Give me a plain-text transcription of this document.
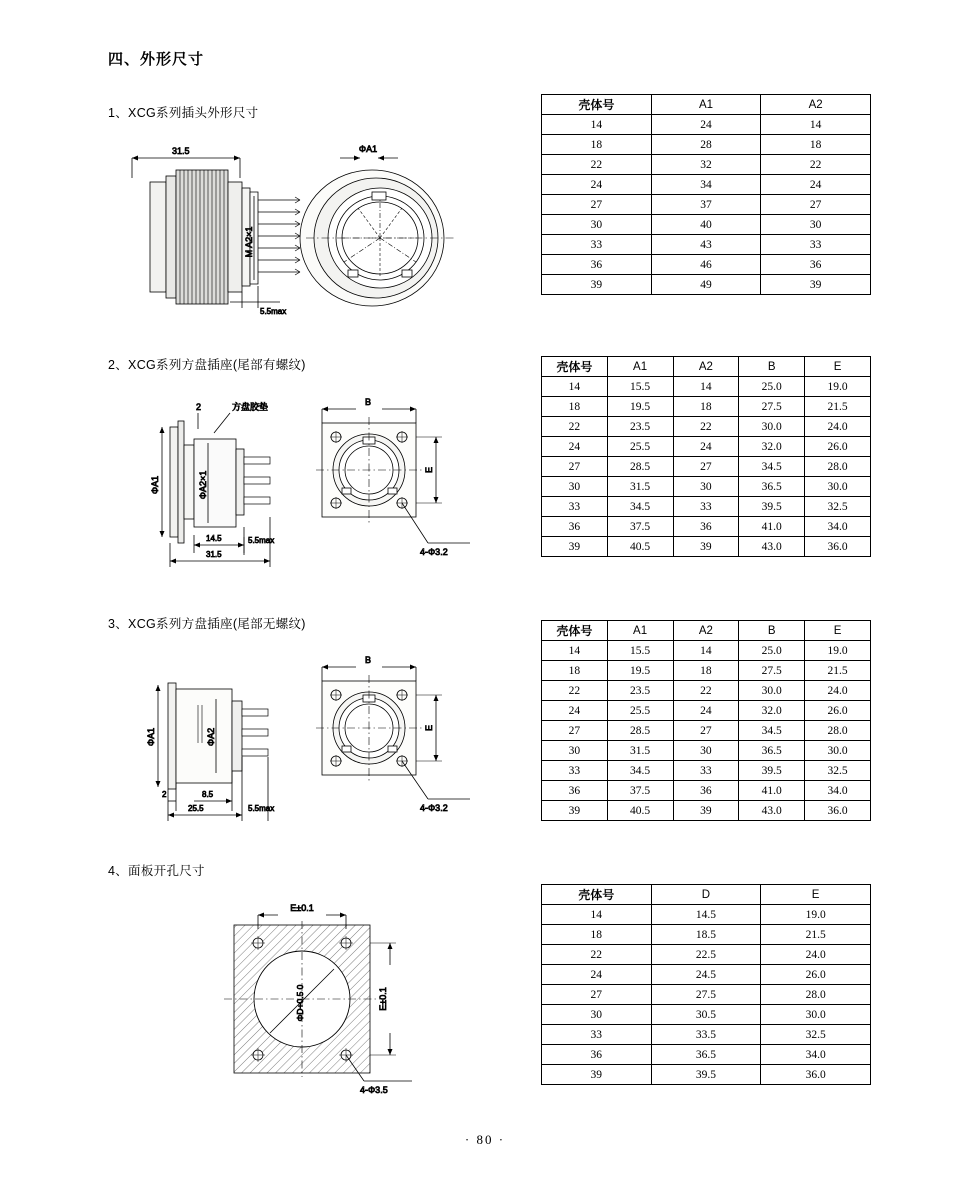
四、外形尺寸
1、XCG系列插头外形尺寸
31.5
M A2×1
5.5max
ΦA1
壳体号	A1	A2
14	24	14
18	28	18
22	32	22
24	34	24
27	37	27
30	40	30
33	43	33
36	46	36
39	49	39
2、XCG系列方盘插座(尾部有螺纹)
2	方盘胶垫
ΦA1	ΦA2×1
14.5	5.5max
31.5
B
E
4-Φ3.2
壳体号	A1	A2	B	E
14	15.5	14	25.0	19.0
18	19.5	18	27.5	21.5
22	23.5	22	30.0	24.0
24	25.5	24	32.0	26.0
27	28.5	27	34.5	28.0
30	31.5	30	36.5	30.0
33	34.5	33	39.5	32.5
36	37.5	36	41.0	34.0
39	40.5	39	43.0	36.0
3、XCG系列方盘插座(尾部无螺纹)
ΦA1	ΦA2
2	8.5
25.5	5.5max
B
E
4-Φ3.2
壳体号	A1	A2	B	E
14	15.5	14	25.0	19.0
18	19.5	18	27.5	21.5
22	23.5	22	30.0	24.0
24	25.5	24	32.0	26.0
27	28.5	27	34.5	28.0
30	31.5	30	36.5	30.0
33	34.5	33	39.5	32.5
36	37.5	36	41.0	34.0
39	40.5	39	43.0	36.0
4、面板开孔尺寸
E±0.1
ΦD+0.5 0	E±0.1
4-Φ3.5
壳体号	D	E
14	14.5	19.0
18	18.5	21.5
22	22.5	24.0
24	24.5	26.0
27	27.5	28.0
30	30.5	30.0
33	33.5	32.5
36	36.5	34.0
39	39.5	36.0
· 80 ·
